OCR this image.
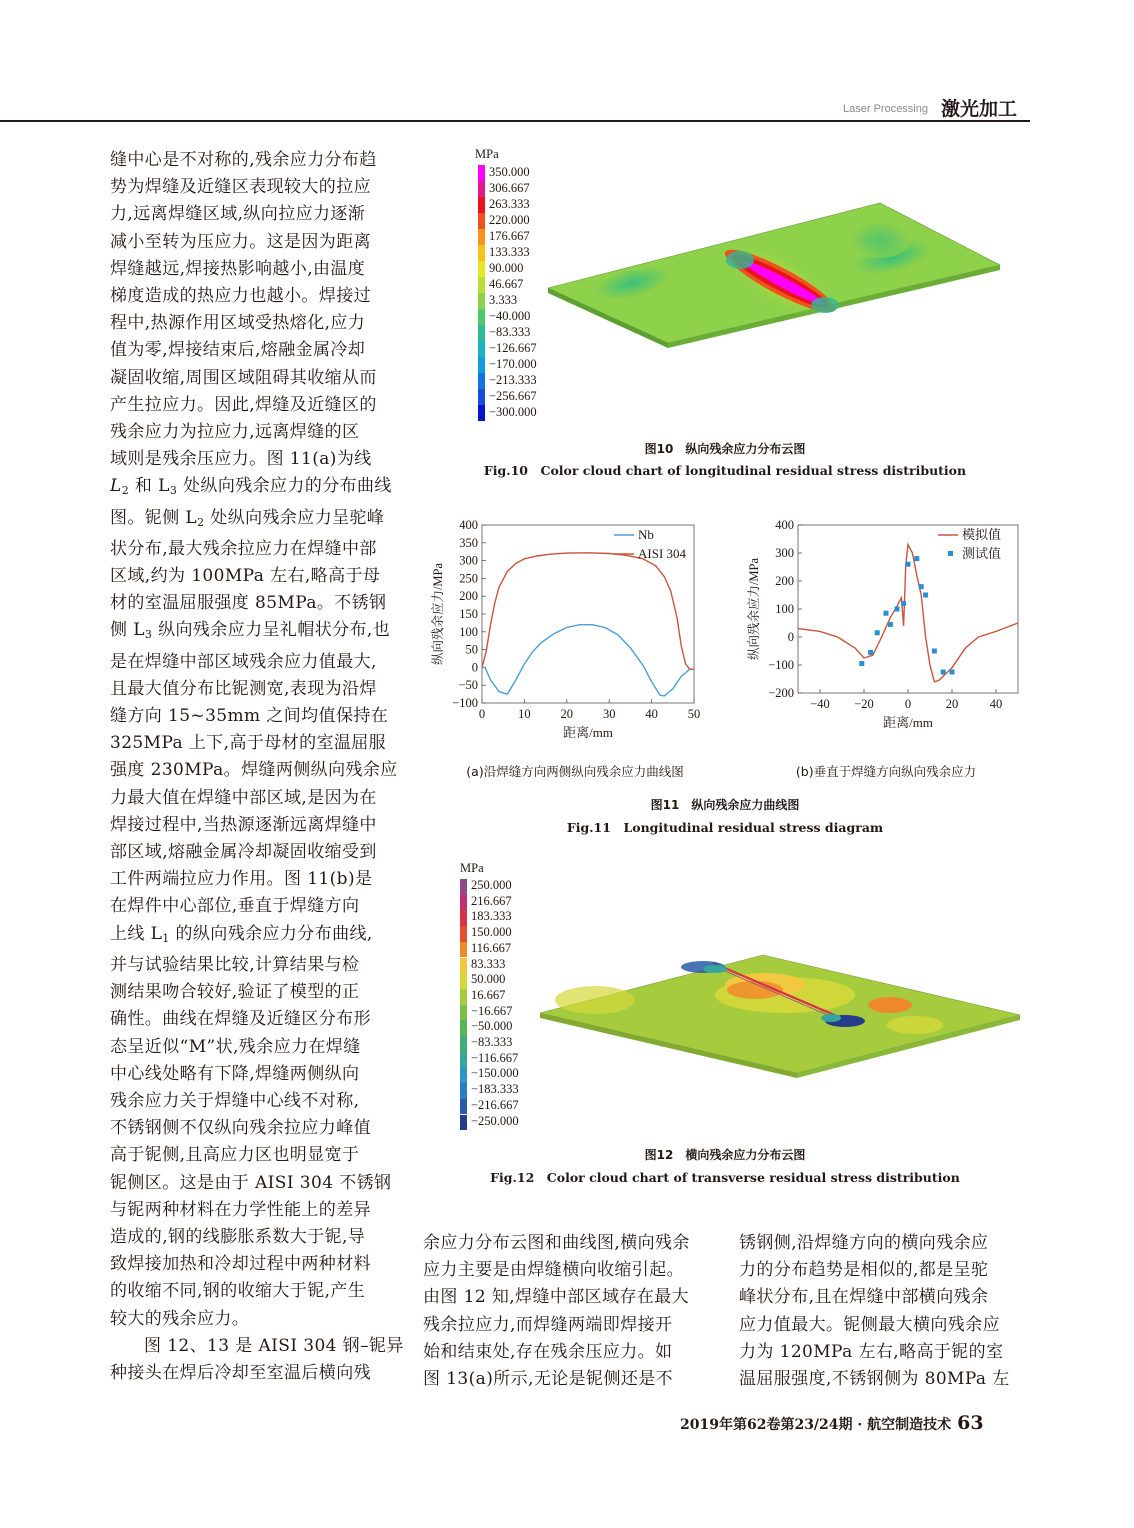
Laser Processing 激光加工
缝中心是不对称的,残余应力分布趋
势为焊缝及近缝区表现较大的拉应
力,远离焊缝区域,纵向拉应力逐渐
减小至转为压应力。这是因为距离
焊缝越远,焊接热影响越小,由温度
梯度造成的热应力也越小。焊接过
程中,热源作用区域受热熔化,应力
值为零,焊接结束后,熔融金属冷却
凝固收缩,周围区域阻碍其收缩从而
产生拉应力。因此,焊缝及近缝区的
残余应力为拉应力,远离焊缝的区
域则是残余压应力。图 11(a)为线
$L_2$ 和 $L_3$ 处纵向残余应力的分布曲线
图。铌侧 $L_2$ 处纵向残余应力呈驼峰
状分布,最大残余拉应力在焊缝中部
区域,约为 100MPa 左右,略高于母
材的室温屈服强度 85MPa。不锈钢
侧 $L_3$ 纵向残余应力呈礼帽状分布,也
是在焊缝中部区域残余应力值最大,
且最大值分布比铌测宽,表现为沿焊
缝方向 15~35mm 之间均值保持在
325MPa 上下,高于母材的室温屈服
强度 230MPa。焊缝两侧纵向残余应
力最大值在焊缝中部区域,是因为在
焊接过程中,当热源逐渐远离焊缝中
部区域,熔融金属冷却凝固收缩受到
工件两端拉应力作用。图 11(b)是
在焊件中心部位,垂直于焊缝方向
上线 $L_1$ 的纵向残余应力分布曲线,
并与试验结果比较,计算结果与检
测结果吻合较好,验证了模型的正
确性。曲线在焊缝及近缝区分布形
态呈近似“M”状,残余应力在焊缝
中心线处略有下降,焊缝两侧纵向
残余应力关于焊缝中心线不对称,
不锈钢侧不仅纵向残余拉应力峰值
高于铌侧,且高应力区也明显宽于
铌侧区。这是由于 AISI 304 不锈钢
与铌两种材料在力学性能上的差异
造成的,钢的线膨胀系数大于铌,导
致焊接加热和冷却过程中两种材料
的收缩不同,钢的收缩大于铌,产生
较大的残余应力。
图 12、13 是 AISI 304 钢–铌异
种接头在焊后冷却至室温后横向残
MPa
350.000
306.667
263.333
220.000
176.667
133.333
90.000
46.667
3.333
−40.000
−83.333
−126.667
−170.000
−213.333
−256.667
−300.000
图10　纵向残余应力分布云图
Fig.10　Color cloud chart of longitudinal residual stress distribution
0	10 20 30 40 50
400
350
300
250
200
150
100
50
0
−50
−100
距离/mm
纵向残余应力/MPa
Nb
AISI 304
−40 −20 0	20	40
400
300
200
100
0
−100
−200
距离/mm
纵向残余应力/MPa
模拟值
测试值
(a)沿焊缝方向两侧纵向残余应力曲线图	(b)垂直于焊缝方向纵向残余应力
图11　纵向残余应力曲线图
Fig.11　Longitudinal residual stress diagram
MPa
250.000
216.667
183.333
150.000
116.667
83.333
50.000
16.667
−16.667
−50.000
−83.333
−116.667
−150.000
−183.333
−216.667
−250.000
图12　横向残余应力分布云图
Fig.12　Color cloud chart of transverse residual stress distribution
余应力分布云图和曲线图,横向残余
应力主要是由焊缝横向收缩引起。
由图 12 知,焊缝中部区域存在最大
残余拉应力,而焊缝两端即焊接开
始和结束处,存在残余压应力。如
图 13(a)所示,无论是铌侧还是不
锈钢侧,沿焊缝方向的横向残余应
力的分布趋势是相似的,都是呈驼
峰状分布,且在焊缝中部横向残余
应力值最大。铌侧最大横向残余应
力为 120MPa 左右,略高于铌的室
温屈服强度,不锈钢侧为 80MPa 左
2019年第62卷第23/24期 · 航空制造技术 63
